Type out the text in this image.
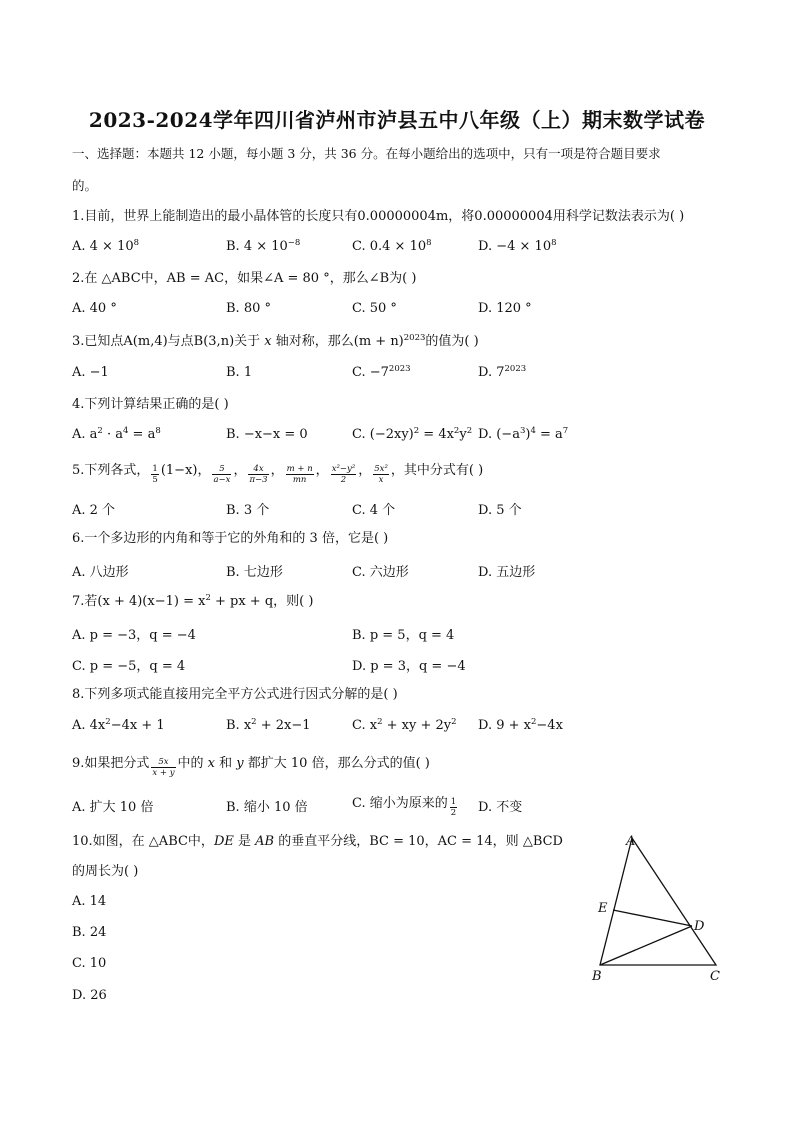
2023-2024学年四川省泸州市泸县五中八年级（上）期末数学试卷
一、选择题：本题共 12 小题，每小题 3 分，共 36 分。在每小题给出的选项中，只有一项是符合题目要求
的。
1.目前，世界上能制造出的最小晶体管的长度只有0.00000004m，将0.00000004用科学记数法表示为( )
A. $4 \times 10^8$	B. $4 \times 10^{-8}$	C. $0.4 \times 10^8$	D. $-4 \times 10^8$
2.在 △ABC中，AB = AC，如果∠A = 80 °，那么∠B为( )
A. 40 °	B. 80 °	C. 50 °	D. 120 °
3.已知点A(m,4)与点B(3,n)关于 x 轴对称，那么$(m + n)^{2023}$的值为( )
A. −1	B. 1	C. $-7^{2023}$	D. $7^{2023}$
4.下列计算结果正确的是( )
A. $a^2 \cdot a^4 = a^8$	B. −x−x = 0	C. $(-2xy)^2 = 4x^2y^2$ D. $(-a^3)^4 = a^7$
5.下列各式， $\frac{1}{5} (1-x)$， $\frac{5}{a-x}$ ， $\frac{4x}{\pi-3}$ ， $\frac{m + n}{mn}$ ， $\frac{\text{x²−y²}}{2}$ ， $\frac{\text{5x²}}{x}$ ，其中分式有( )
A. 2 个	B. 3 个	C. 4 个	D. 5 个
6.一个多边形的内角和等于它的外角和的 3 倍，它是( )
A. 八边形	B. 七边形	C. 六边形	D. 五边形
7.若$(x + 4)(x-1) = x^2$ + px + q，则( )
A. p = −3，q = −4	B. p = 5，q = 4
C. p = −5，q = 4	D. p = 3，q = −4
8.下列多项式能直接用完全平方公式进行因式分解的是( )
A. $4x^2-4x + 1$	B. $x^2 + 2x-1$	C. $x^2$ + xy + $2y^2$ D. $9 + x^2-4x$
9.如果把分式 $\frac{5x}{x + y}$ 中的 x 和 y 都扩大 10 倍，那么分式的值( )
A. 扩大 10 倍	B. 缩小 10 倍	C. 缩小为原来的 $\frac{1}{2} D$. 不变
10.如图，在 △ABC中，DE 是 AB 的垂直平分线，BC = 10，AC = 14，则 △BCD
的周长为( )
A. 14
B. 24
C. 10
D. 26
A
E
D
B	C
